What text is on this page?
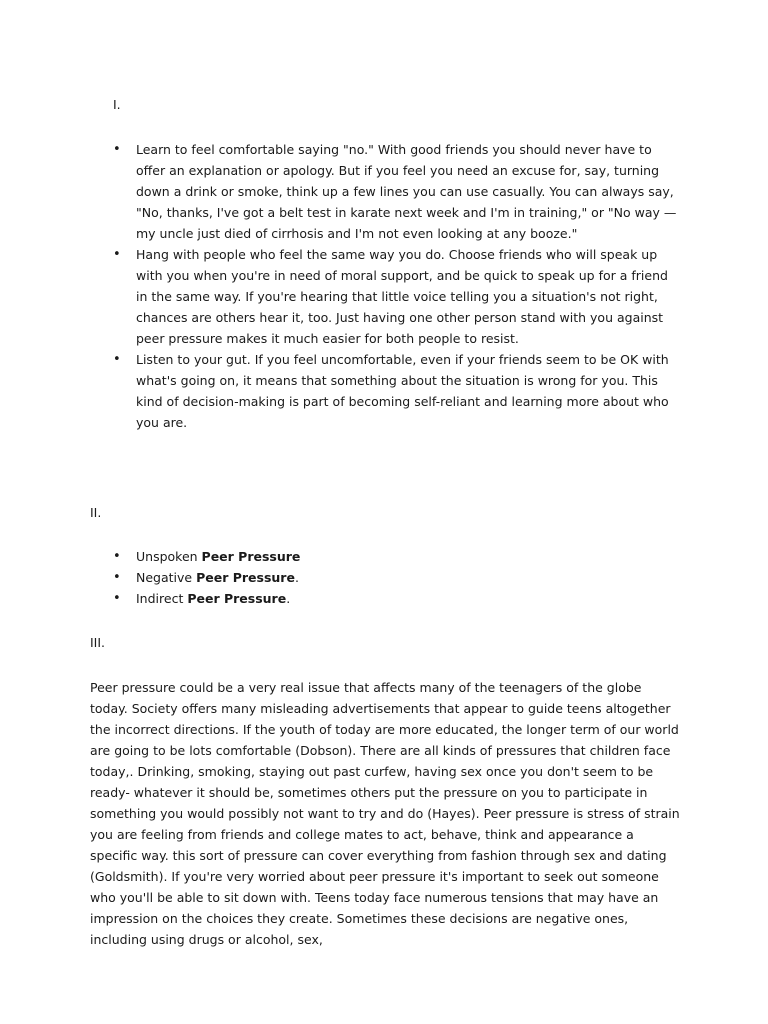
I.

• Learn to feel comfortable saying "no." With good friends you should never have to offer an explanation or apology. But if you feel you need an excuse for, say, turning down a drink or smoke, think up a few lines you can use casually. You can always say, "No, thanks, I've got a belt test in karate next week and I'm in training," or "No way — my uncle just died of cirrhosis and I'm not even looking at any booze."
• Hang with people who feel the same way you do. Choose friends who will speak up with you when you're in need of moral support, and be quick to speak up for a friend in the same way. If you're hearing that little voice telling you a situation's not right, chances are others hear it, too. Just having one other person stand with you against peer pressure makes it much easier for both people to resist.
• Listen to your gut. If you feel uncomfortable, even if your friends seem to be OK with what's going on, it means that something about the situation is wrong for you. This kind of decision-making is part of becoming self-reliant and learning more about who you are.

II.

• Unspoken Peer Pressure
• Negative Peer Pressure.
• Indirect Peer Pressure.

III.

Peer pressure could be a very real issue that affects many of the teenagers of the globe today. Society offers many misleading advertisements that appear to guide teens altogether the incorrect directions. If the youth of today are more educated, the longer term of our world are going to be lots comfortable (Dobson). There are all kinds of pressures that children face today,. Drinking, smoking, staying out past curfew, having sex once you don't seem to be ready- whatever it should be, sometimes others put the pressure on you to participate in something you would possibly not want to try and do (Hayes). Peer pressure is stress of strain you are feeling from friends and college mates to act, behave, think and appearance a specific way. this sort of pressure can cover everything from fashion through sex and dating (Goldsmith). If you're very worried about peer pressure it's important to seek out someone who you'll be able to sit down with. Teens today face numerous tensions that may have an impression on the choices they create. Sometimes these decisions are negative ones, including using drugs or alcohol, sex,
